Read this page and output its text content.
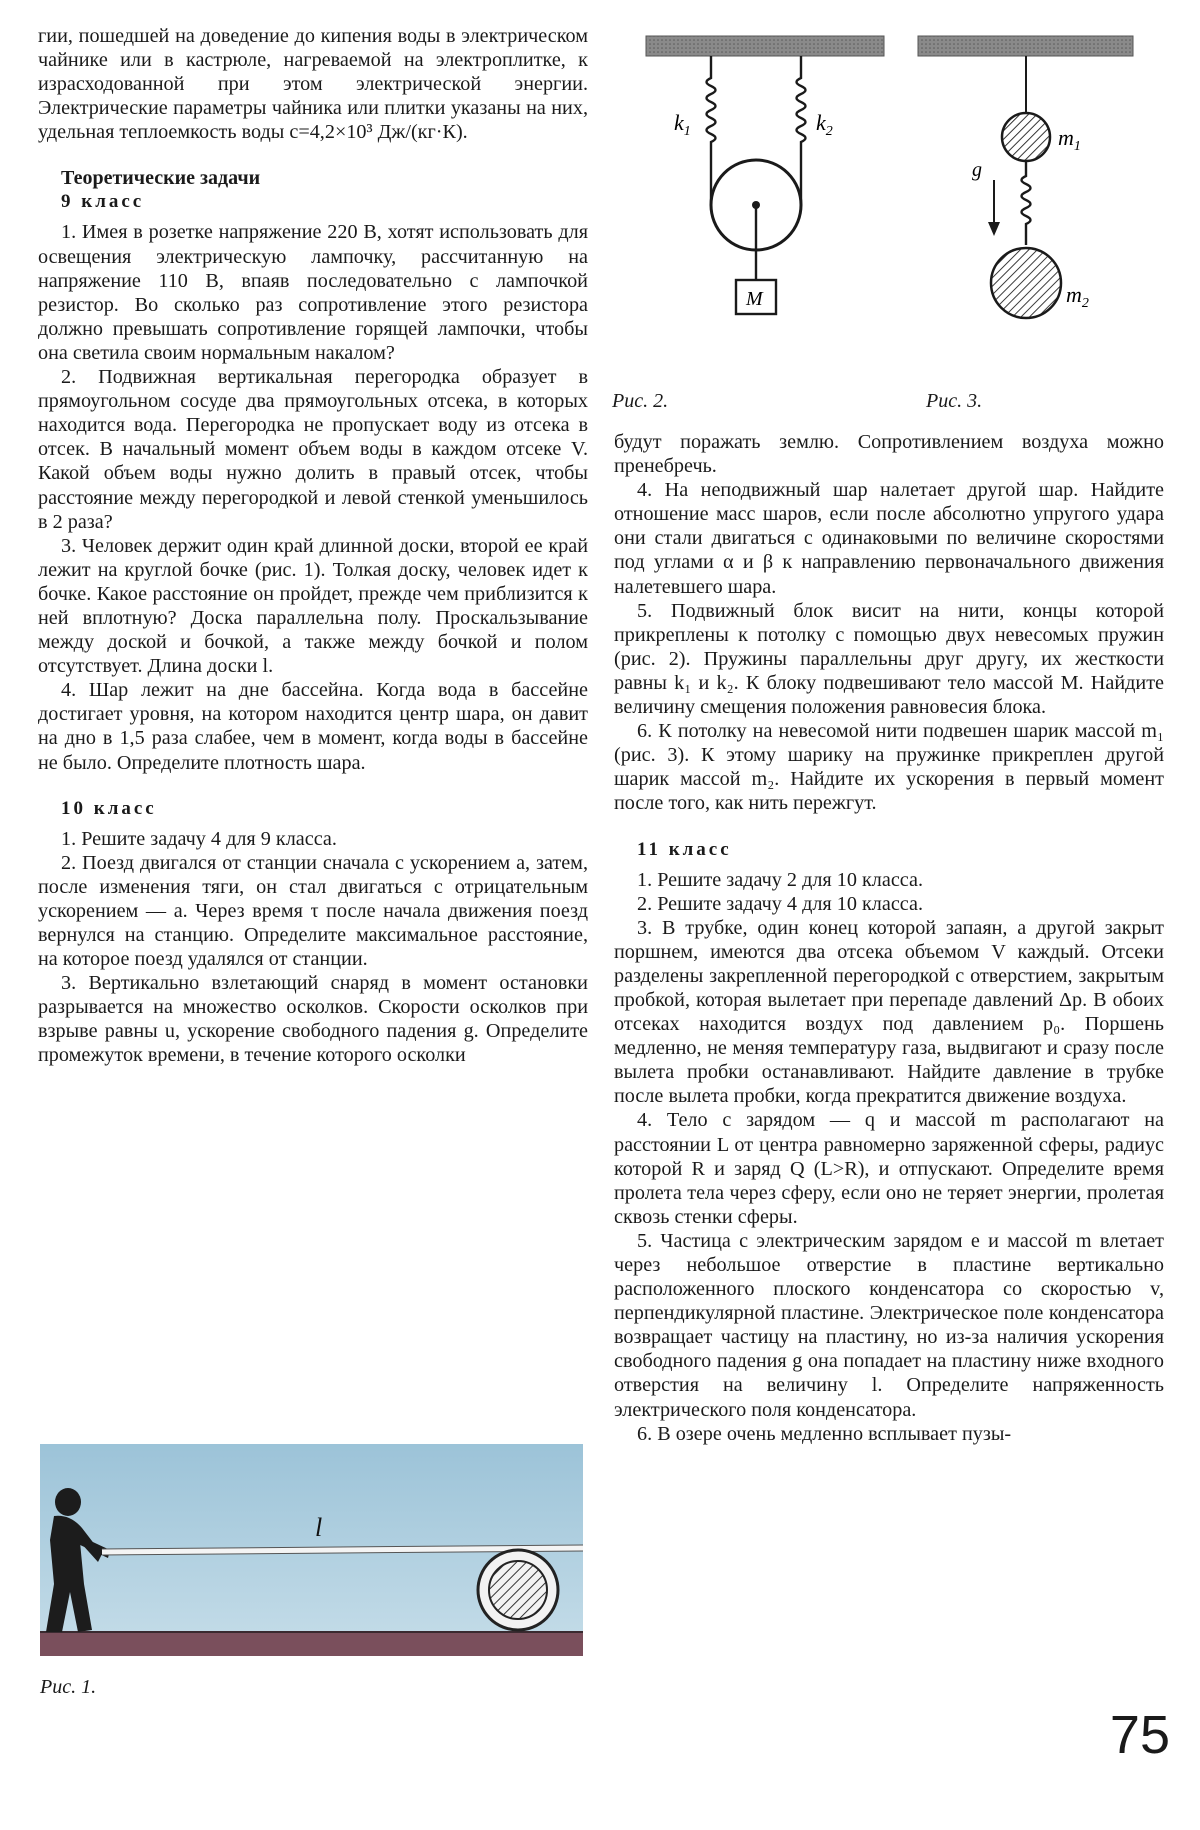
гии, пошедшей на доведение до кипения воды в электрическом чайнике или в кастрюле, нагреваемой на электроплитке, к израсходованной при этом электрической энергии. Электрические параметры чайника или плитки указаны на них, удельная теплоемкость воды c=4,2×10³ Дж/(кг·К).

Теоретические задачи

9 класс

1. Имея в розетке напряжение 220 В, хотят использовать для освещения электрическую лампочку, рассчитанную на напряжение 110 В, впаяв последовательно с лампочкой резистор. Во сколько раз сопротивление этого резистора должно превышать сопротивление горящей лампочки, чтобы она светила своим нормальным накалом?

2. Подвижная вертикальная перегородка образует в прямоугольном сосуде два прямоугольных отсека, в которых находится вода. Перегородка не пропускает воду из отсека в отсек. В начальный момент объем воды в каждом отсеке V. Какой объем воды нужно долить в правый отсек, чтобы расстояние между перегородкой и левой стенкой уменьшилось в 2 раза?

3. Человек держит один край длинной доски, второй ее край лежит на круглой бочке (рис. 1). Толкая доску, человек идет к бочке. Какое расстояние он пройдет, прежде чем приблизится к ней вплотную? Доска параллельна полу. Проскальзывание между доской и бочкой, а также между бочкой и полом отсутствует. Длина доски l.

4. Шар лежит на дне бассейна. Когда вода в бассейне достигает уровня, на котором находится центр шара, он давит на дно в 1,5 раза слабее, чем в момент, когда воды в бассейне не было. Определите плотность шара.

10 класс

1. Решите задачу 4 для 9 класса.

2. Поезд двигался от станции сначала с ускорением a, затем, после изменения тяги, он стал двигаться с отрицательным ускорением — a. Через время τ после начала движения поезд вернулся на станцию. Определите максимальное расстояние, на которое поезд удалялся от станции.

3. Вертикально взлетающий снаряд в момент остановки разрывается на множество осколков. Скорости осколков при взрыве равны u, ускорение свободного падения g. Определите промежуток времени, в течение которого осколки

l
Рис. 1.
M
$k_1$	$k_2$
Рис. 2.
g
$m_1$
$m_2$
Рис. 3.

будут поражать землю. Сопротивлением воздуха можно пренебречь.

4. На неподвижный шар налетает другой шар. Найдите отношение масс шаров, если после абсолютно упругого удара они стали двигаться с одинаковыми по величине скоростями под углами α и β к направлению первоначального движения налетевшего шара.

5. Подвижный блок висит на нити, концы которой прикреплены к потолку с помощью двух невесомых пружин (рис. 2). Пружины параллельны друг другу, их жесткости равны k₁ и k₂. К блоку подвешивают тело массой M. Найдите величину смещения положения равновесия блока.

6. К потолку на невесомой нити подвешен шарик массой m₁ (рис. 3). К этому шарику на пружинке прикреплен другой шарик массой m₂. Найдите их ускорения в первый момент после того, как нить пережгут.

11 класс

1. Решите задачу 2 для 10 класса.

2. Решите задачу 4 для 10 класса.

3. В трубке, один конец которой запаян, а другой закрыт поршнем, имеются два отсека объемом V каждый. Отсеки разделены закрепленной перегородкой с отверстием, закрытым пробкой, которая вылетает при перепаде давлений Δp. В обоих отсеках находится воздух под давлением p₀. Поршень медленно, не меняя температуру газа, выдвигают и сразу после вылета пробки останавливают. Найдите давление в трубке после вылета пробки, когда прекратится движение воздуха.

4. Тело с зарядом — q и массой m располагают на расстоянии L от центра равномерно заряженной сферы, радиус которой R и заряд Q (L>R), и отпускают. Определите время пролета тела через сферу, если оно не теряет энергии, пролетая сквозь стенки сферы.

5. Частица с электрическим зарядом e и массой m влетает через небольшое отверстие в пластине вертикально расположенного плоского конденсатора со скоростью v, перпендикулярной пластине. Электрическое поле конденсатора возвращает частицу на пластину, но из-за наличия ускорения свободного падения g она попадает на пластину ниже входного отверстия на величину l. Определите напряженность электрического поля конденсатора.

6. В озере очень медленно всплывает пузы-

75
